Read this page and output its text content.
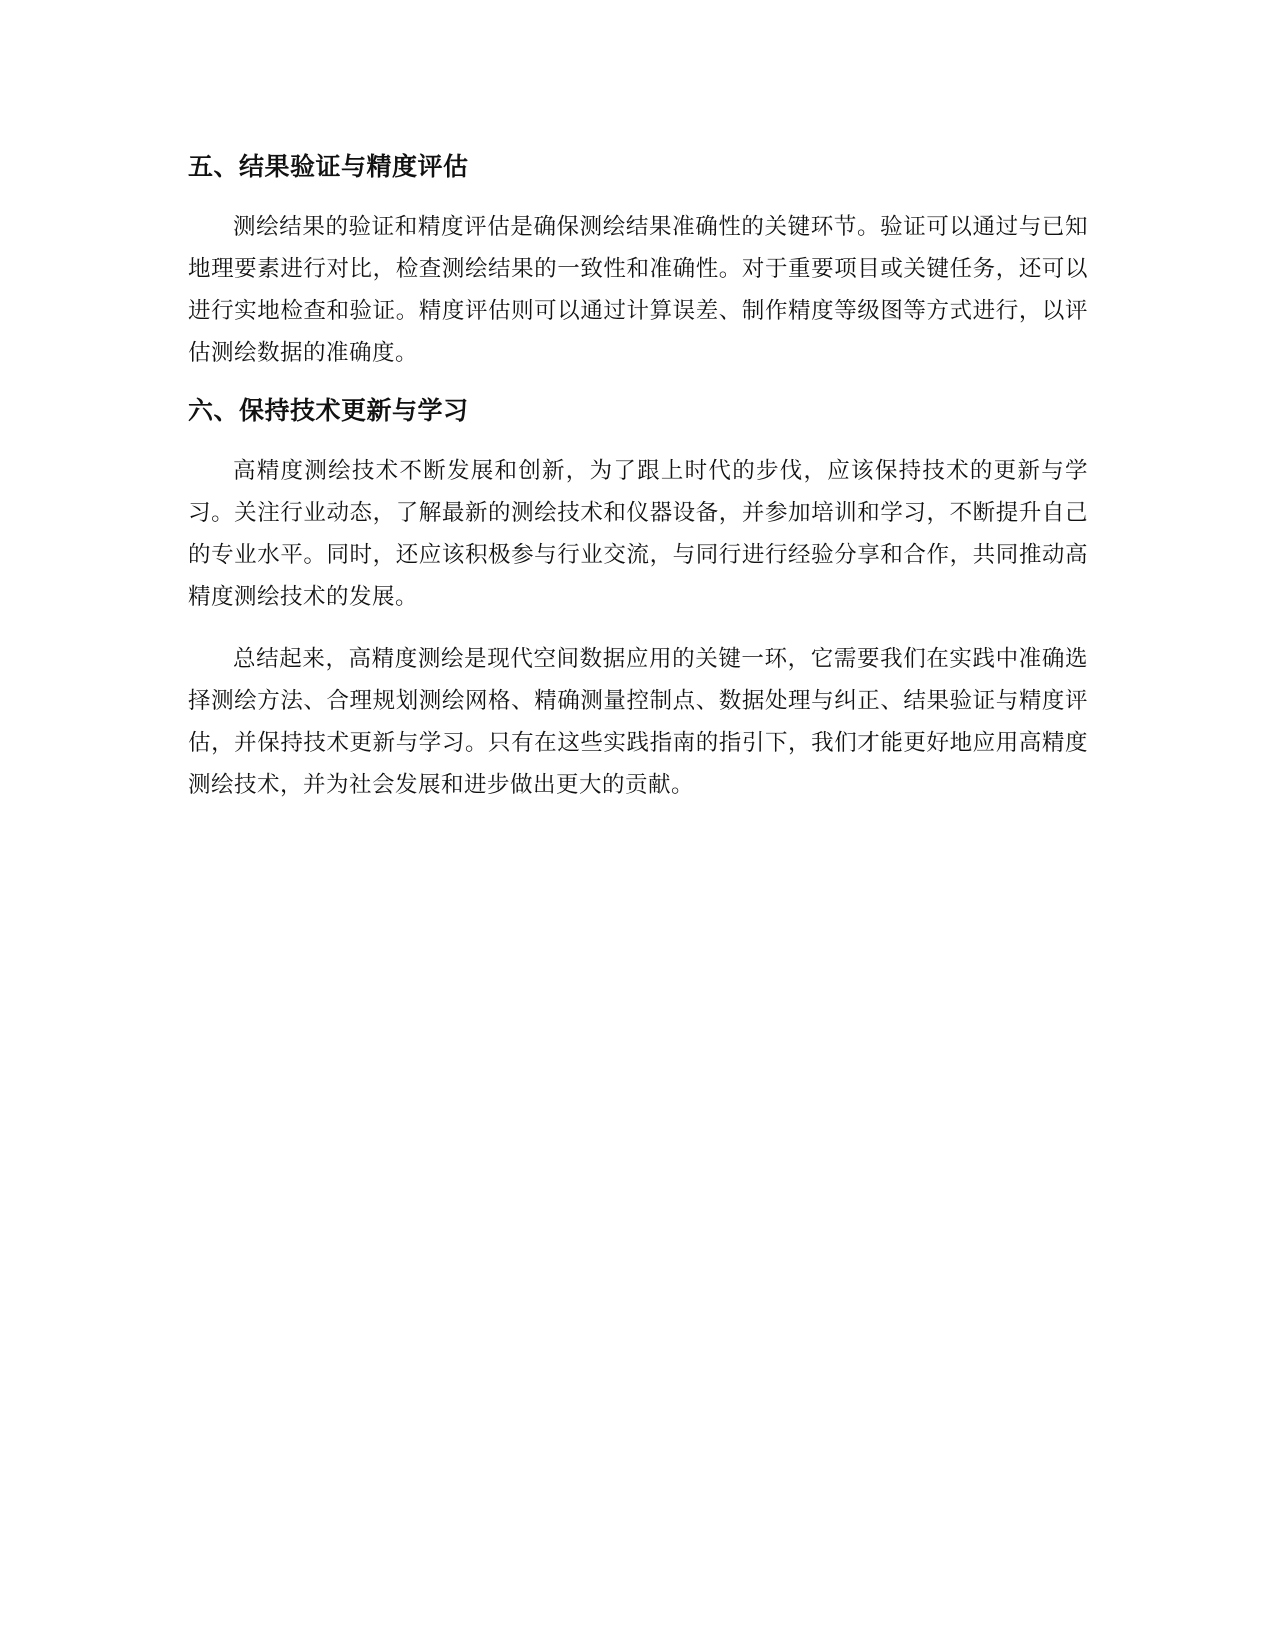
五、结果验证与精度评估

测绘结果的验证和精度评估是确保测绘结果准确性的关键环节。验证可以通过与已知地理要素进行对比，检查测绘结果的一致性和准确性。对于重要项目或关键任务，还可以进行实地检查和验证。精度评估则可以通过计算误差、制作精度等级图等方式进行，以评估测绘数据的准确度。

六、保持技术更新与学习

高精度测绘技术不断发展和创新，为了跟上时代的步伐，应该保持技术的更新与学习。关注行业动态，了解最新的测绘技术和仪器设备，并参加培训和学习，不断提升自己的专业水平。同时，还应该积极参与行业交流，与同行进行经验分享和合作，共同推动高精度测绘技术的发展。

总结起来，高精度测绘是现代空间数据应用的关键一环，它需要我们在实践中准确选择测绘方法、合理规划测绘网格、精确测量控制点、数据处理与纠正、结果验证与精度评估，并保持技术更新与学习。只有在这些实践指南的指引下，我们才能更好地应用高精度测绘技术，并为社会发展和进步做出更大的贡献。
